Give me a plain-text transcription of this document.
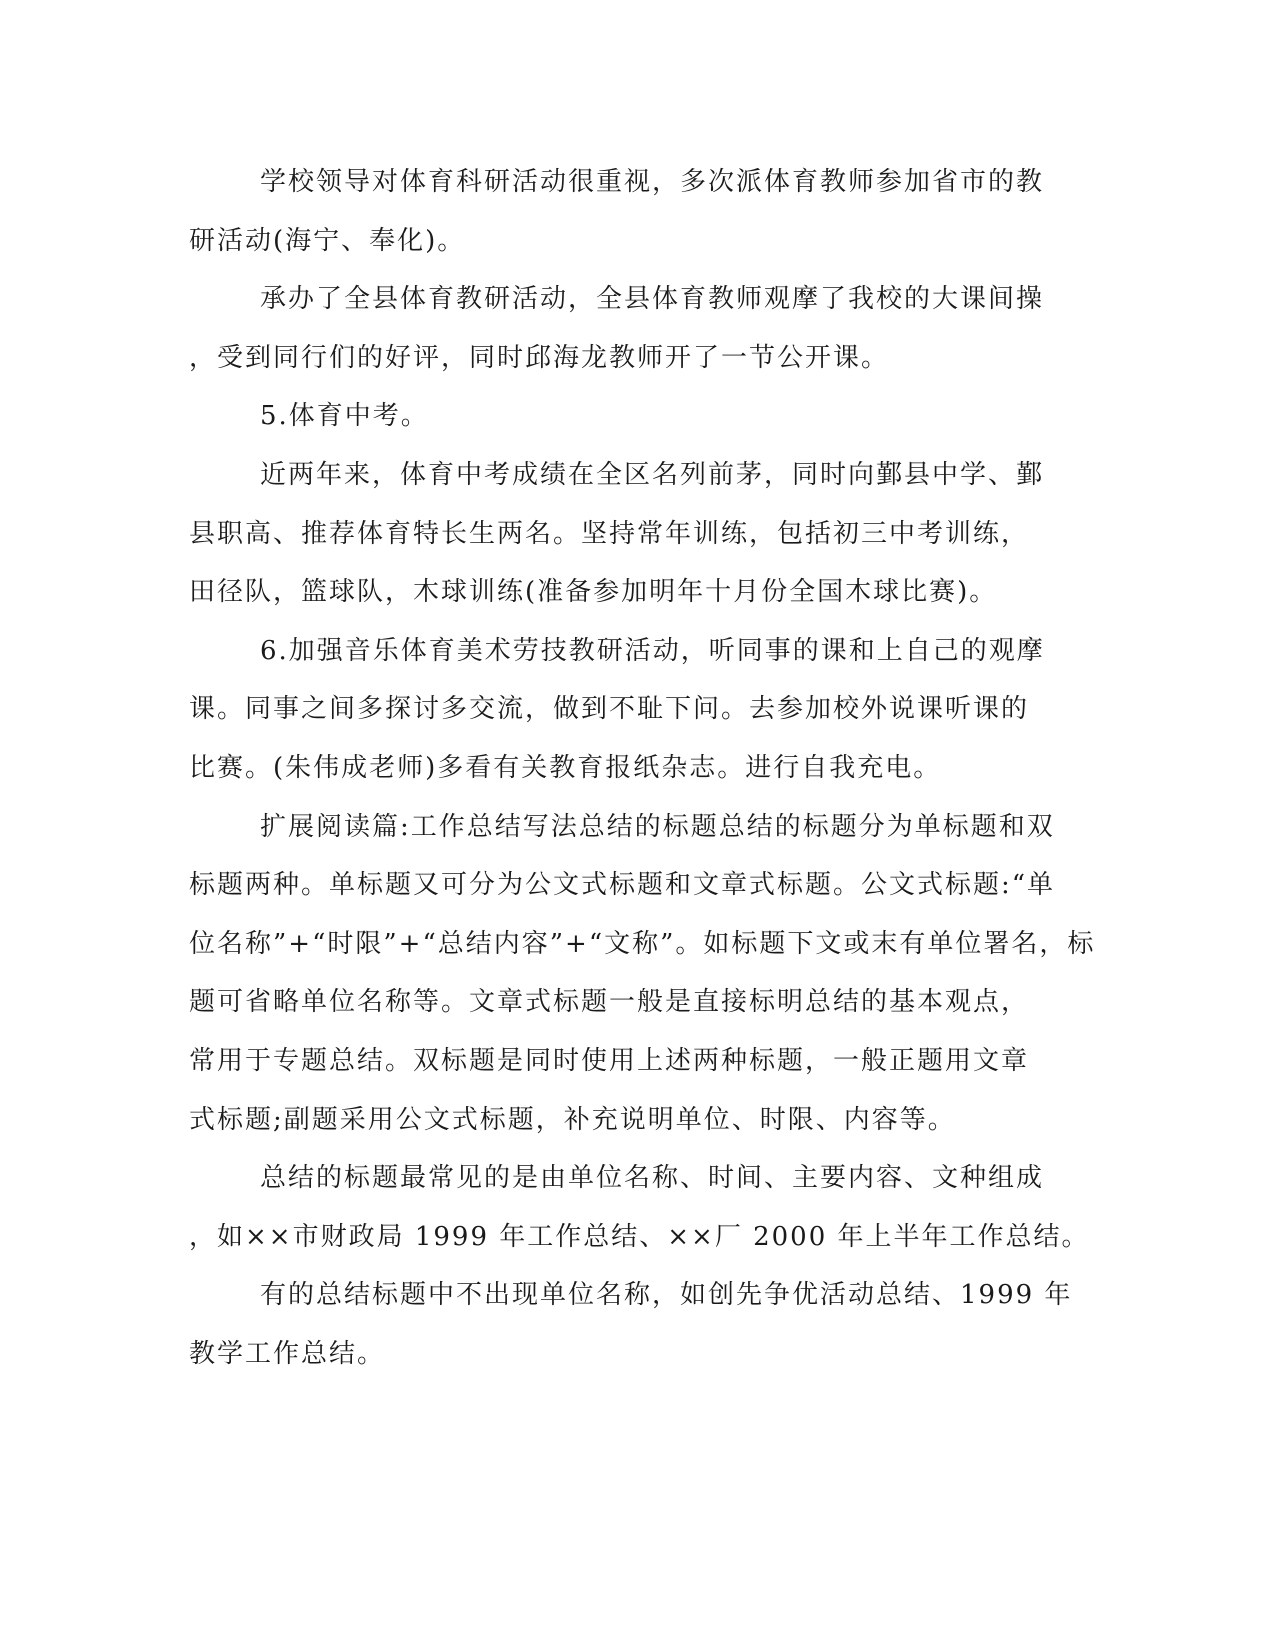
学校领导对体育科研活动很重视，多次派体育教师参加省市的教
研活动(海宁、奉化)。
承办了全县体育教研活动，全县体育教师观摩了我校的大课间操
，受到同行们的好评，同时邱海龙教师开了一节公开课。
5.体育中考。
近两年来，体育中考成绩在全区名列前茅，同时向鄞县中学、鄞
县职高、推荐体育特长生两名。坚持常年训练，包括初三中考训练，
田径队，篮球队，木球训练(准备参加明年十月份全国木球比赛)。
6.加强音乐体育美术劳技教研活动，听同事的课和上自己的观摩
课。同事之间多探讨多交流，做到不耻下问。去参加校外说课听课的
比赛。(朱伟成老师)多看有关教育报纸杂志。进行自我充电。
扩展阅读篇:工作总结写法总结的标题总结的标题分为单标题和双
标题两种。单标题又可分为公文式标题和文章式标题。公文式标题:“单
位名称”+“时限”+“总结内容”+“文称”。如标题下文或末有单位署名，标
题可省略单位名称等。文章式标题一般是直接标明总结的基本观点，
常用于专题总结。双标题是同时使用上述两种标题，一般正题用文章
式标题;副题采用公文式标题，补充说明单位、时限、内容等。
总结的标题最常见的是由单位名称、时间、主要内容、文种组成
，如××市财政局 1999 年工作总结、××厂 2000 年上半年工作总结。
有的总结标题中不出现单位名称，如创先争优活动总结、1999 年
教学工作总结。
